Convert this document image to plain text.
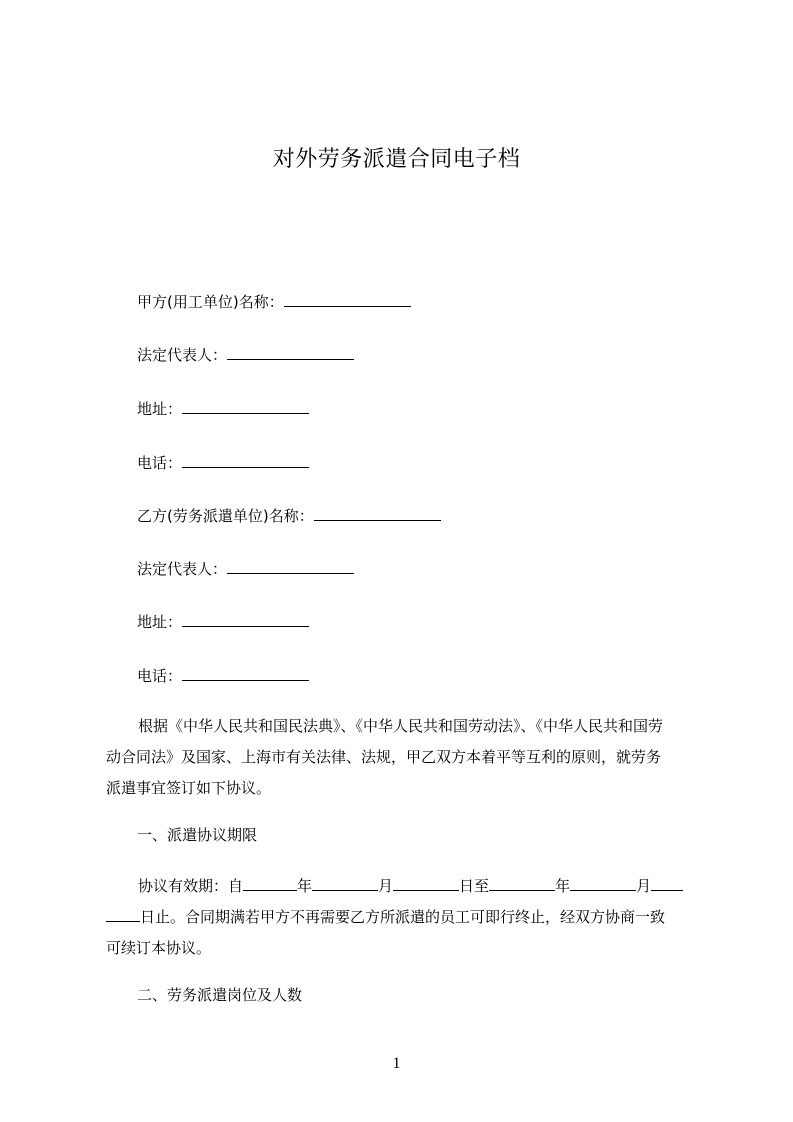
对外劳务派遣合同电子档
甲方(用工单位)名称：
法定代表人：
地址：
电话：
乙方(劳务派遣单位)名称：
法定代表人：
地址：
电话：
根据《中华人民共和国民法典》、《中华人民共和国劳动法》、《中华人民共和国劳
动合同法》及国家、上海市有关法律、法规，甲乙双方本着平等互利的原则，就劳务
派遣事宜签订如下协议。
一、派遣协议期限
协议有效期：自	年	月	日至	年	月
日止。合同期满若甲方不再需要乙方所派遣的员工可即行终止，经双方协商一致
可续订本协议。
二、劳务派遣岗位及人数
1
